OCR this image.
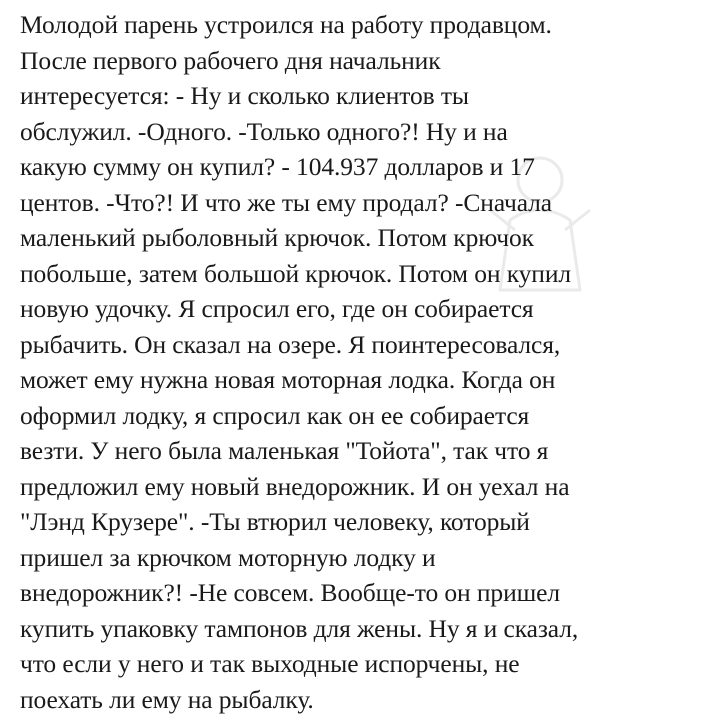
Молодой парень устроился на работу продавцом.
После первого рабочего дня начальник
интересуется: - Ну и сколько клиентов ты
обслужил. -Одного. -Только одного?! Ну и на
какую сумму он купил? - 104.937 долларов и 17
центов. -Что?! И что же ты ему продал? -Сначала
маленький рыболовный крючок. Потом крючок
побольше, затем большой крючок. Потом он купил
новую удочку. Я спросил его, где он собирается
рыбачить. Он сказал на озере. Я поинтересовался,
может ему нужна новая моторная лодка. Когда он
оформил лодку, я спросил как он ее собирается
везти. У него была маленькая "Тойота", так что я
предложил ему новый внедорожник. И он уехал на
"Лэнд Крузере". -Ты втюрил человеку, который
пришел за крючком моторную лодку и
внедорожник?! -Не совсем. Вообще-то он пришел
купить упаковку тампонов для жены. Ну я и сказал,
что если у него и так выходные испорчены, не
поехать ли ему на рыбалку.
